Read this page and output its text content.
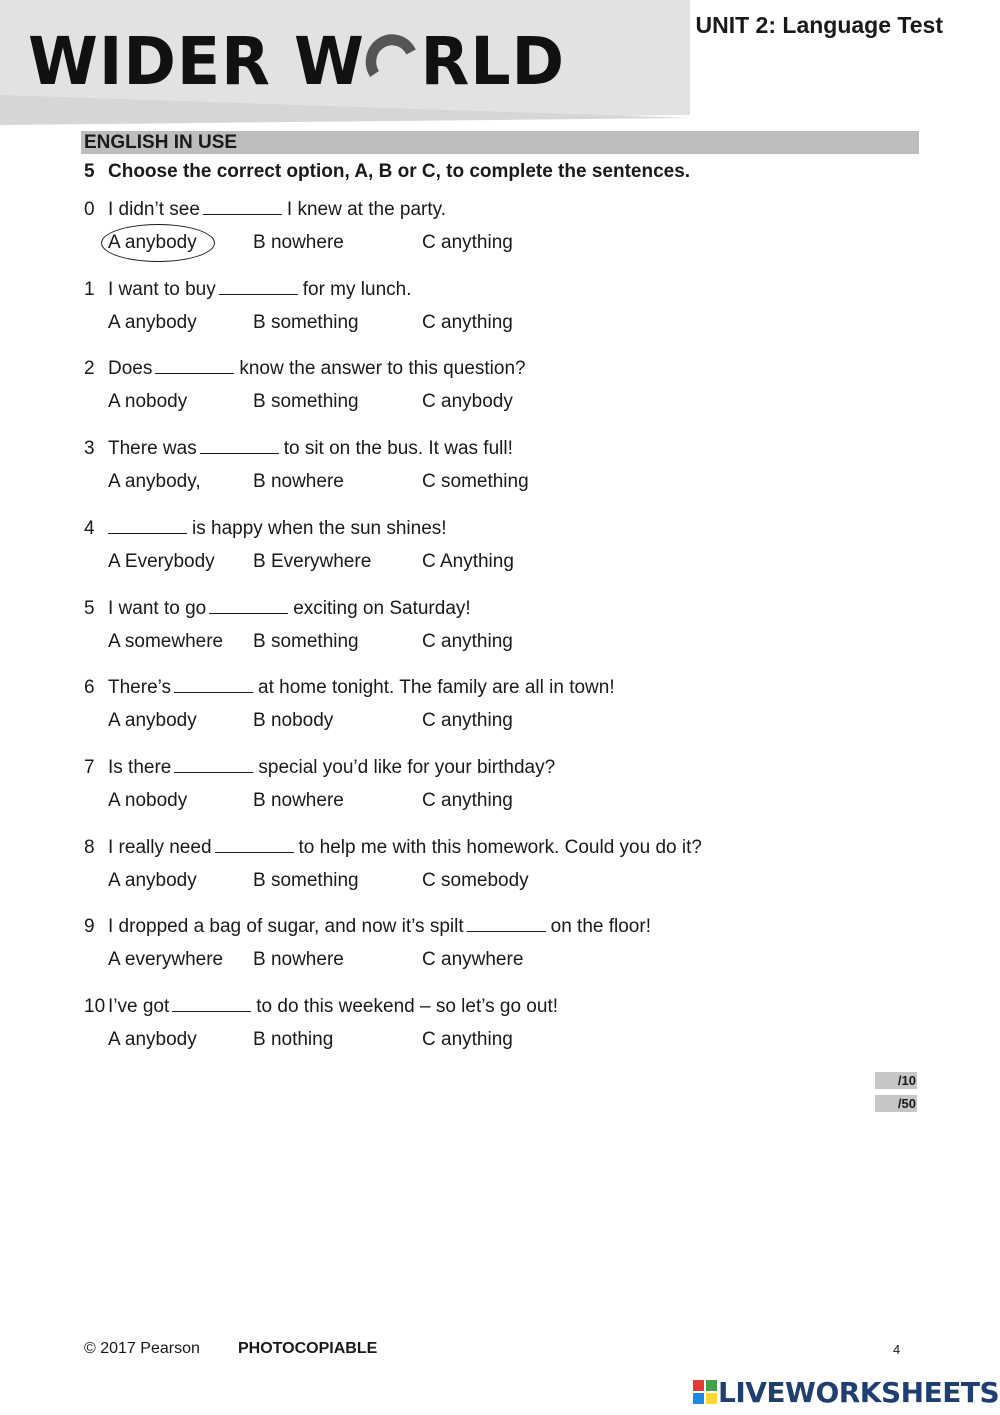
WIDER W RLD	UNIT 2: Language Test
ENGLISH IN USE
5 Choose the correct option, A, B or C, to complete the sentences.
0 I didn’t see	I knew at the party.
A anybody	B nowhere	C anything
1 I want to buy	for my lunch.
A anybody	B something	C anything
2 Does	know the answer to this question?
A nobody	B something	C anybody
3 There was	to sit on the bus. It was full!
A anybody,	B nowhere	C something
4	is happy when the sun shines!
A Everybody B Everywhere	C Anything
5 I want to go	exciting on Saturday!
A somewhere B something	C anything
6 There’s	at home tonight. The family are all in town!
A anybody	B nobody	C anything
7 Is there	special you’d like for your birthday?
A nobody	B nowhere	C anything
8 I really need	to help me with this homework. Could you do it?
A anybody	B something	C somebody
9 I dropped a bag of sugar, and now it’s spilt	on the floor!
A everywhere B nowhere	C anywhere
10 I’ve got	to do this weekend – so let’s go out!
A anybody	B nothing	C anything
/10
/50
© 2017 Pearson PHOTOCOPIABLE	4
LIVEWORKSHEETS
